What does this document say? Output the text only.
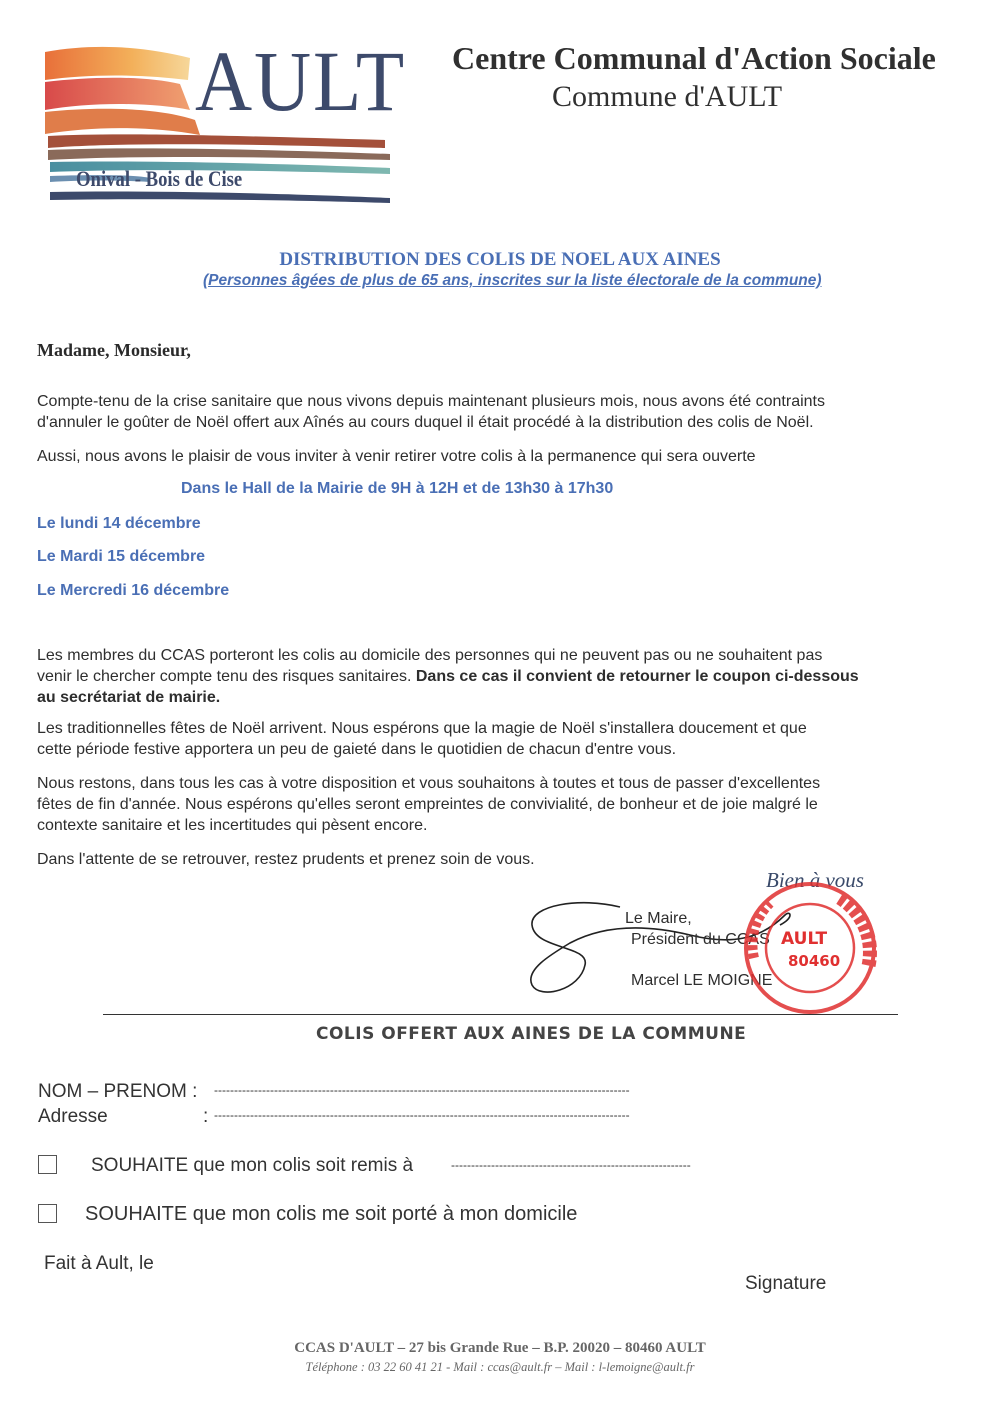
AULT
Onival - Bois de Cise
Centre Communal d'Action Sociale
Commune d'AULT
DISTRIBUTION DES COLIS DE NOEL AUX AINES
(Personnes âgées de plus de 65 ans, inscrites sur la liste électorale de la commune)
Madame, Monsieur,
Compte-tenu de la crise sanitaire que nous vivons depuis maintenant plusieurs mois, nous avons été contraints
d'annuler le goûter de Noël offert aux Aînés au cours duquel il était procédé à la distribution des colis de Noël.
Aussi, nous avons le plaisir de vous inviter à venir retirer votre colis à la permanence qui sera ouverte
Dans le Hall de la Mairie de 9H à 12H et de 13h30 à 17h30
Le lundi 14 décembre
Le Mardi 15 décembre
Le Mercredi 16 décembre
Les membres du CCAS porteront les colis au domicile des personnes qui ne peuvent pas ou ne souhaitent pas
venir le chercher compte tenu des risques sanitaires. Dans ce cas il convient de retourner le coupon ci-dessous
au secrétariat de mairie.
Les traditionnelles fêtes de Noël arrivent. Nous espérons que la magie de Noël s'installera doucement et que
cette période festive apportera un peu de gaieté dans le quotidien de chacun d'entre vous.
Nous restons, dans tous les cas à votre disposition et vous souhaitons à toutes et tous de passer d'excellentes
fêtes de fin d'année. Nous espérons qu'elles seront empreintes de convivialité, de bonheur et de joie malgré le
contexte sanitaire et les incertitudes qui pèsent encore.
Dans l'attente de se retrouver, restez prudents et prenez soin de vous.
Bien à vous
Le Maire,
Président du CCAS
Marcel LE MOIGNE
AULT
80460
COLIS OFFERT AUX AINES DE LA COMMUNE
NOM – PRENOM : --------------------------------------------------------------------------------------------------------
Adresse	: --------------------------------------------------------------------------------------------------------
SOUHAITE que mon colis soit remis à	------------------------------------------------------------
SOUHAITE que mon colis me soit porté à mon domicile
Fait à Ault, le
Signature
CCAS D'AULT – 27 bis Grande Rue – B.P. 20020 – 80460 AULT
Téléphone : 03 22 60 41 21 - Mail : ccas@ault.fr – Mail : l-lemoigne@ault.fr
